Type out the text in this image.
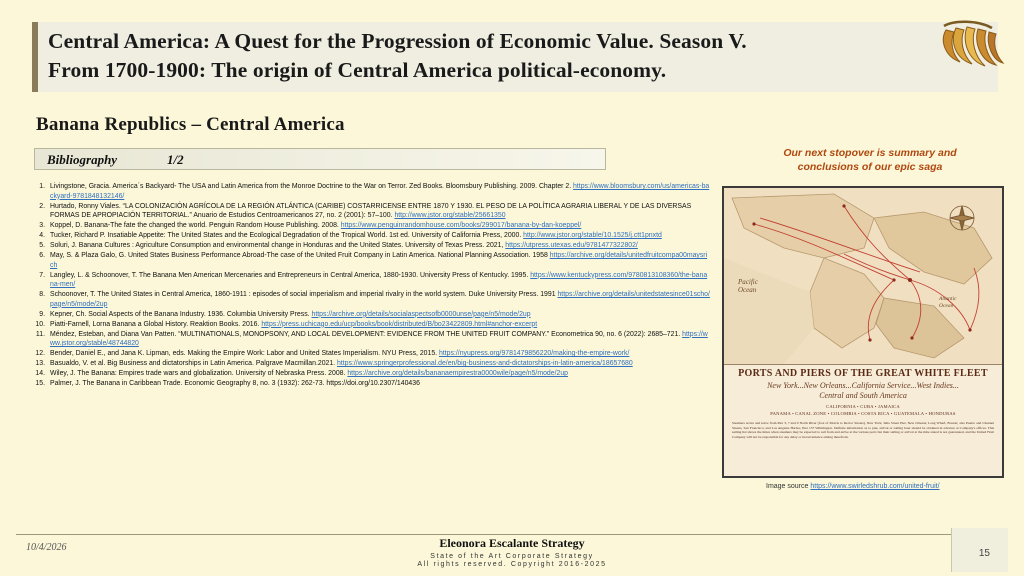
Central America: A Quest for the Progression of Economic Value. Season V.
From 1700-1900: The origin of Central America political-economy.
Banana Republics – Central America
Bibliography	1/2
1. Livingstone, Gracia. America´s Backyard- The USA and Latin America from the Monroe Doctrine to the War on Terror. Zed Books. Bloomsbury Publishing. 2009. Chapter 2. https://www.bloomsbury.com/us/americas-backyard-9781848132146/
2. Hurtado, Ronny Viales. “LA COLONIZACIÓN AGRÍCOLA DE LA REGIÓN ATLÁNTICA (CARIBE) COSTARRICENSE ENTRE 1870 Y 1930. EL PESO DE LA POLÍTICA AGRARIA LIBERAL Y DE LAS DIVERSAS FORMAS DE APROPIACIÓN TERRITORIAL.” Anuario de Estudios Centroamericanos 27, no. 2 (2001): 57–100. http://www.jstor.org/stable/25661350
3. Koppel, D. Banana-The fate the changed the world. Penguin Random House Publishing. 2008. https://www.penguinrandomhouse.com/books/299017/banana-by-dan-koeppel/
4. Tucker, Richard P. Insatiable Appetite: The United States and the Ecological Degradation of the Tropical World. 1st ed. University of California Press, 2000. http://www.jstor.org/stable/10.1525/j.ctt1pnxtd
5. Soluri, J. Banana Cultures : Agriculture Consumption and environmental change in Honduras and the United States. University of Texas Press. 2021, https://utpress.utexas.edu/9781477322802/
6. May, S. & Plaza Galo, G. United States Business Performance Abroad-The case of the United Fruit Company in Latin America. National Planning Association. 1958 https://archive.org/details/unitedfruitcompa00maysrich
7. Langley, L. & Schoonover, T. The Banana Men American Mercenaries and Entrepreneurs in Central America, 1880-1930. University Press of Kentucky. 1995. https://www.kentuckypress.com/9780813108360/the-banana-men/
8. Schoonover, T. The United States in Central America, 1860-1911 : episodes of social imperialism and imperial rivalry in the world system. Duke University Press. 1991 https://archive.org/details/unitedstatesince01scho/page/n5/mode/2up
9. Kepner, Ch. Social Aspects of the Banana Industry. 1936. Columbia University Press. https://archive.org/details/socialaspectsofb0000unse/page/n5/mode/2up
10. Piatti-Farnell, Lorna Banana a Global History. Reaktion Books. 2016. https://press.uchicago.edu/ucp/books/book/distributed/B/bo23422809.html#anchor-excerpt
11. Méndez, Esteban, and Diana Van Patten. “MULTINATIONALS, MONOPSONY, AND LOCAL DEVELOPMENT: EVIDENCE FROM THE UNITED FRUIT COMPANY.” Econometrica 90, no. 6 (2022): 2685–721. https://www.jstor.org/stable/48744820
12. Bender, Daniel E., and Jana K. Lipman, eds. Making the Empire Work: Labor and United States Imperialism. NYU Press, 2015. https://nyupress.org/9781479856220/making-the-empire-work/
13. Basualdo, V. et al. Big Business and dictatorships in Latin America. Palgrave Macmillan.2021. https://www.springerprofessional.de/en/big-business-and-dictatorships-in-latin-america/18657680
14. Wiley, J. The Banana: Empires trade wars and globalization. University of Nebraska Press. 2008. https://archive.org/details/bananaempirestra0000wile/page/n5/mode/2up
15. Palmer, J. The Banana in Caribbean Trade. Economic Geography 8, no. 3 (1932): 262-73. https://doi.org/10.2307/140436
Our next stopover is summary and
conclusions of our epic saga
Pacific
Ocean
Atlantic
Ocean
PORTS AND PIERS OF THE GREAT WHITE FLEET
New York...New Orleans...California Service...West Indies...
Central and South America
CALIFORNIA • CUBA • JAMAICA
PANAMA • CANAL ZONE • COLOMBIA • COSTA RICA • GUATEMALA • HONDURAS
Steamers arrive and leave from Pier 3, 7 and 9 North River (foot of Morris to Rector Streets), New York; Julia Street Pier, New Orleans; Long Wharf, Boston; also Puerto and Channel Streets, San Francisco; and Los Angeles Harbor, Pier 157 Wilmington. Definite information as to pier, arrival or sailing hour should be obtained in advance at Company's offices. This sailing list shows the times when steamers may be expected to sail from and arrive at the various ports but their sailing or arrival at the time stated is not guaranteed, and the United Fruit Company will not be responsible for any delay or inconvenience arising therefrom.
Image source https://www.swirledshrub.com/united-fruit/
10/4/2026	Eleonora Escalante Strategy
State of the Art Corporate Strategy
All rights reserved. Copyright 2016-2025
15
